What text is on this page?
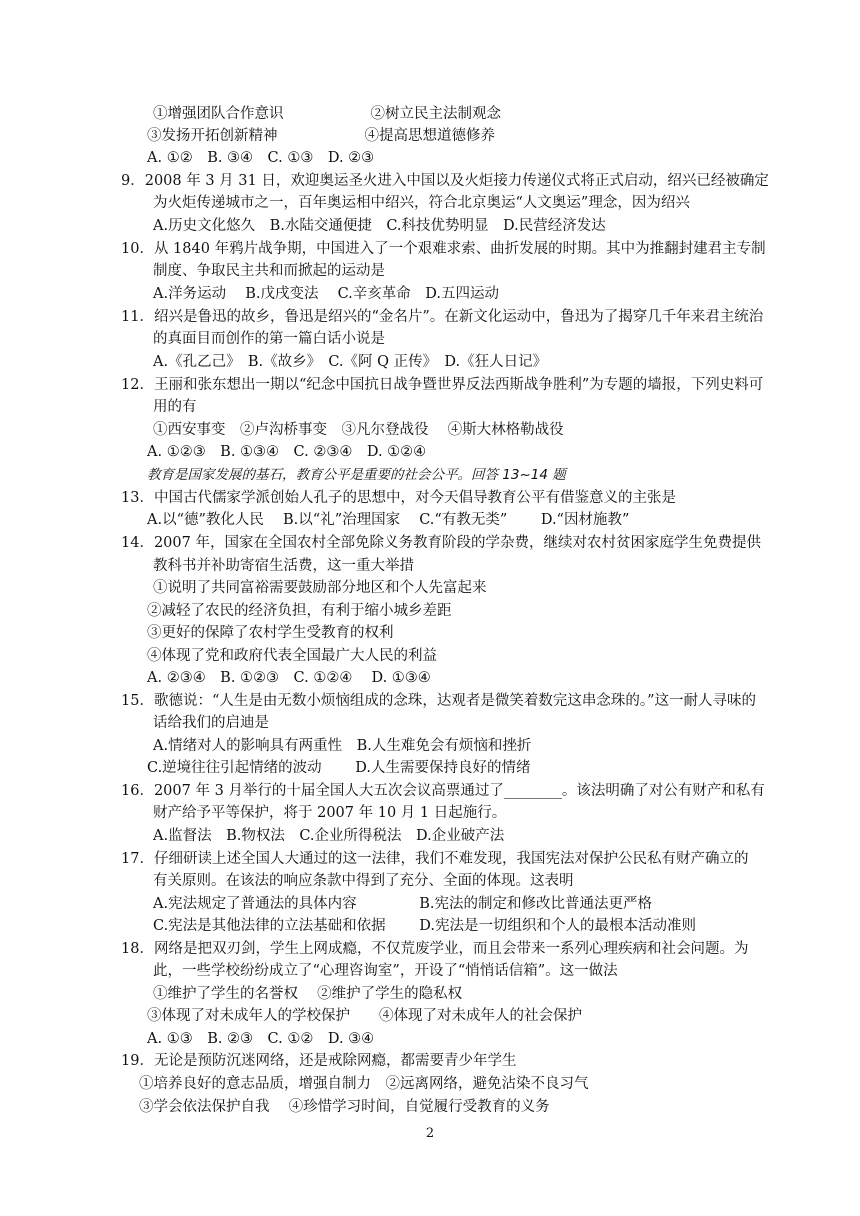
①增强团队合作意识　　　　　　②树立民主法制观念
③发扬开拓创新精神　　　　　　④提高思想道德修养
A. ①②　B. ③④　C. ①③　D. ②③
9．2008 年 3 月 31 日，欢迎奥运圣火进入中国以及火炬接力传递仪式将正式启动，绍兴已经被确定
为火炬传递城市之一，百年奥运相中绍兴，符合北京奥运“人文奥运”理念，因为绍兴
A.历史文化悠久　B.水陆交通便捷　C.科技优势明显　D.民营经济发达
10．从 1840 年鸦片战争期，中国进入了一个艰难求索、曲折发展的时期。其中为推翻封建君主专制
制度、争取民主共和而掀起的运动是
A.洋务运动　 B.戊戌变法　 C.辛亥革命　D.五四运动
11．绍兴是鲁迅的故乡，鲁迅是绍兴的“金名片”。在新文化运动中，鲁迅为了揭穿几千年来君主统治
的真面目而创作的第一篇白话小说是
A.《孔乙己》　B.《故乡》　C.《阿 Q 正传》　D.《狂人日记》
12．王丽和张东想出一期以“纪念中国抗日战争暨世界反法西斯战争胜利”为专题的墙报，下列史料可
用的有
①西安事变　②卢沟桥事变　③凡尔登战役　 ④斯大林格勒战役
A. ①②③　B. ①③④　C. ②③④　D. ①②④
教育是国家发展的基石，教育公平是重要的社会公平。回答 13~14 题
13．中国古代儒家学派创始人孔子的思想中，对今天倡导教育公平有借鉴意义的主张是
A.以“德”教化人民　 B.以“礼”治理国家　 C.“有教无类”　　 D.“因材施教”
14．2007 年，国家在全国农村全部免除义务教育阶段的学杂费，继续对农村贫困家庭学生免费提供
教科书并补助寄宿生活费，这一重大举措
①说明了共同富裕需要鼓励部分地区和个人先富起来
②减轻了农民的经济负担，有利于缩小城乡差距
③更好的保障了农村学生受教育的权利
④体现了党和政府代表全国最广大人民的利益
A. ②③④　B. ①②③　C. ①②④　 D. ①③④
15．歌德说：“人生是由无数小烦恼组成的念珠，达观者是微笑着数完这串念珠的。”这一耐人寻味的
话给我们的启迪是
A.情绪对人的影响具有两重性　B.人生难免会有烦恼和挫折
C.逆境往往引起情绪的波动　　 D.人生需要保持良好的情绪
16．2007 年 3 月举行的十届全国人大五次会议高票通过了________。该法明确了对公有财产和私有
财产给予平等保护，将于 2007 年 10 月 1 日起施行。
A.监督法　B.物权法　C.企业所得税法　D.企业破产法
17．仔细研读上述全国人大通过的这一法律，我们不难发现，我国宪法对保护公民私有财产确立的
有关原则。在该法的响应条款中得到了充分、全面的体现。这表明
A.宪法规定了普通法的具体内容　　　　 B.宪法的制定和修改比普通法更严格
C.宪法是其他法律的立法基础和依据　　 D.宪法是一切组织和个人的最根本活动准则
18．网络是把双刃剑，学生上网成瘾，不仅荒废学业，而且会带来一系列心理疾病和社会问题。为
此，一些学校纷纷成立了“心理咨询室”，开设了“悄悄话信箱”。这一做法
①维护了学生的名誉权　 ②维护了学生的隐私权
③体现了对未成年人的学校保护　　④体现了对未成年人的社会保护
A. ①③　B. ②③　C. ①②　D. ③④
19．无论是预防沉迷网络，还是戒除网瘾，都需要青少年学生
①培养良好的意志品质，增强自制力　②远离网络，避免沾染不良习气
③学会依法保护自我　 ④珍惜学习时间，自觉履行受教育的义务
2
